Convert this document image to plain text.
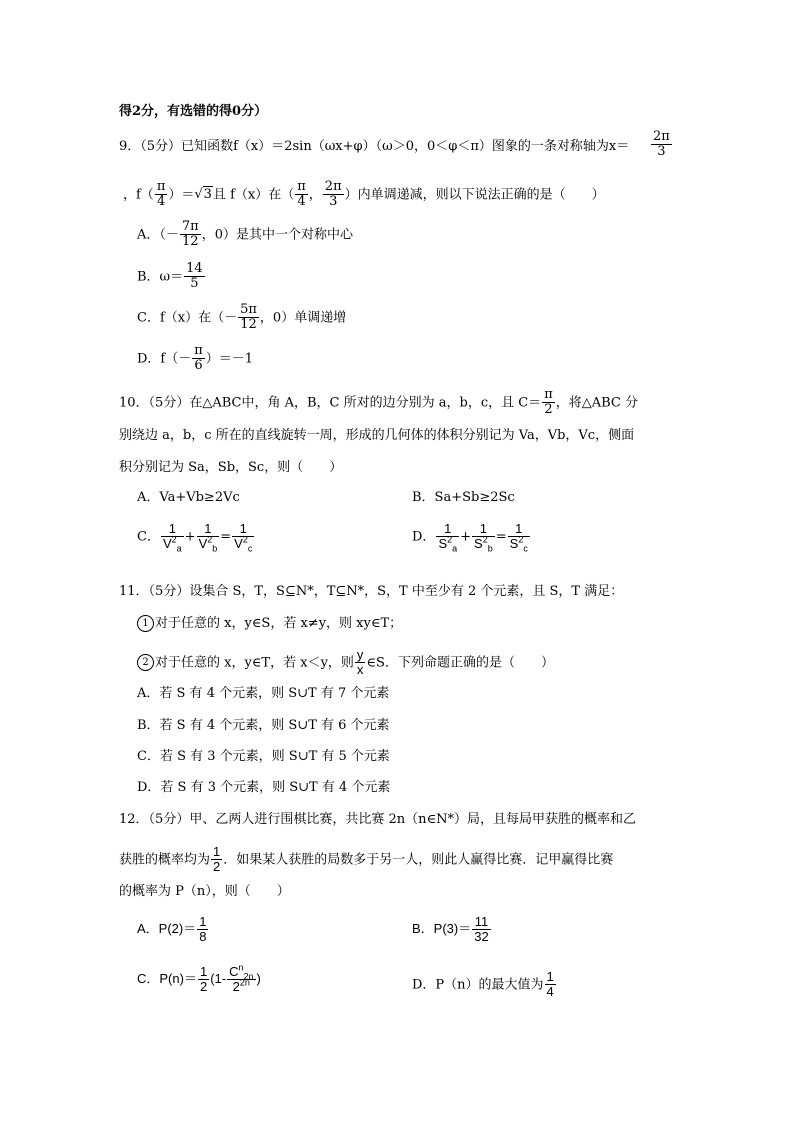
得2分，有选错的得0分）
9．（5分）已知函数f（x）＝2sin（ωx+φ）（ω＞0，0＜φ＜π）图象的一条对称轴为$x= \frac{2\pi}{3}$
，$f( \frac{\pi}{4} )=√3$且 f（x）在（ $\frac{\pi}{4}$ ， $\frac{2\pi}{3}$ ）内单调递减，则以下说法正确的是（　　）
A．（－ $\frac{7\pi}{12}$ ，0）是其中一个对称中心
B．$\omega= \frac{14}{5}$
C．f（x）在（－ $\frac{5\pi}{12}$ ，0）单调递增
D．$f(- \frac{\pi}{6} )=-1$
10．（5分）在△ABC中，角 A，B，C 所对的边分别为 a，b，c，且 $C= \frac{\pi}{2}$ ，将△ABC 分
别绕边 a，b，c 所在的直线旋转一周，形成的几何体的体积分别记为 Va，Vb，Vc，侧面
积分别记为 Sa，Sb，Sc，则（　　）
A．Va+Vb≥2Vc	B．Sa+Sb≥2Sc
C． $\frac{1}{V^2_a} + \frac{1}{V^2_b} = \frac{1}{V^2_c}$	D． $\frac{1}{S^2_a} + \frac{1}{S^2_b} = \frac{1}{S^2_c}$
11．（5分）设集合 S，T，S⊆N*，T⊆N*，S，T 中至少有 2 个元素，且 S，T 满足：
1 对于任意的 x，y∈S，若 x≠y，则 xy∈T；
2 对于任意的 x，y∈T，若 x＜y，则 $\frac{y}{x}$ ∈S．下列命题正确的是（　　）
A．若 S 有 4 个元素，则 S∪T 有 7 个元素
B．若 S 有 4 个元素，则 S∪T 有 6 个元素
C．若 S 有 3 个元素，则 S∪T 有 5 个元素
D．若 S 有 3 个元素，则 S∪T 有 4 个元素
12．（5分）甲、乙两人进行围棋比赛，共比赛 2n（n∈N*）局，且每局甲获胜的概率和乙
获胜的概率均为 $\frac{1}{2}$ ．如果某人获胜的局数多于另一人，则此人赢得比赛．记甲赢得比赛
的概率为 P（n），则（　　）
A．$P(2)= \frac{1}{8}$	B．$P(3)= \frac{11}{32}$
C．$P(n)= \frac{1}{2} (1- \frac{C^n_{2n}}{2^{2n}}$ )	D．P（n）的最大值为 $\frac{1}{4}$
